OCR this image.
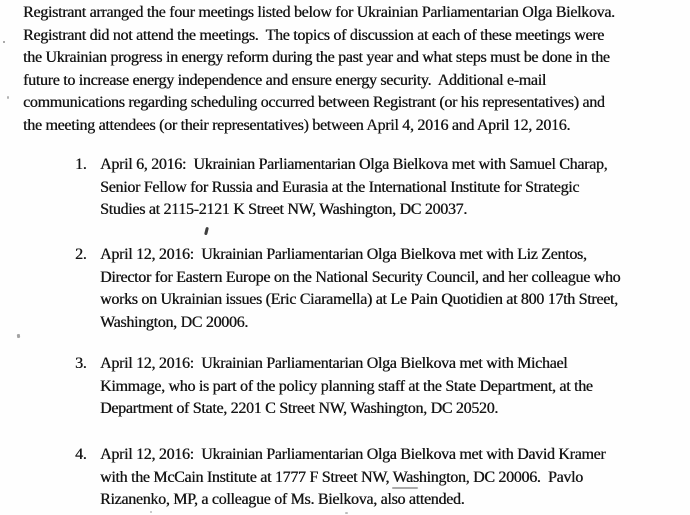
Registrant arranged the four meetings listed below for Ukrainian Parliamentarian Olga Bielkova.
Registrant did not attend the meetings.  The topics of discussion at each of these meetings were
the Ukrainian progress in energy reform during the past year and what steps must be done in the
future to increase energy independence and ensure energy security.  Additional e-mail
communications regarding scheduling occurred between Registrant (or his representatives) and
the meeting attendees (or their representatives) between April 4, 2016 and April 12, 2016.
1. April 6, 2016:  Ukrainian Parliamentarian Olga Bielkova met with Samuel Charap,
Senior Fellow for Russia and Eurasia at the International Institute for Strategic
Studies at 2115-2121 K Street NW, Washington, DC 20037.
2. April 12, 2016:  Ukrainian Parliamentarian Olga Bielkova met with Liz Zentos,
Director for Eastern Europe on the National Security Council, and her colleague who
works on Ukrainian issues (Eric Ciaramella) at Le Pain Quotidien at 800 17th Street,
Washington, DC 20006.
3. April 12, 2016:  Ukrainian Parliamentarian Olga Bielkova met with Michael
Kimmage, who is part of the policy planning staff at the State Department, at the
Department of State, 2201 C Street NW, Washington, DC 20520.
4. April 12, 2016:  Ukrainian Parliamentarian Olga Bielkova met with David Kramer
with the McCain Institute at 1777 F Street NW, Washington, DC 20006.  Pavlo
Rizanenko, MP, a colleague of Ms. Bielkova, also attended.
